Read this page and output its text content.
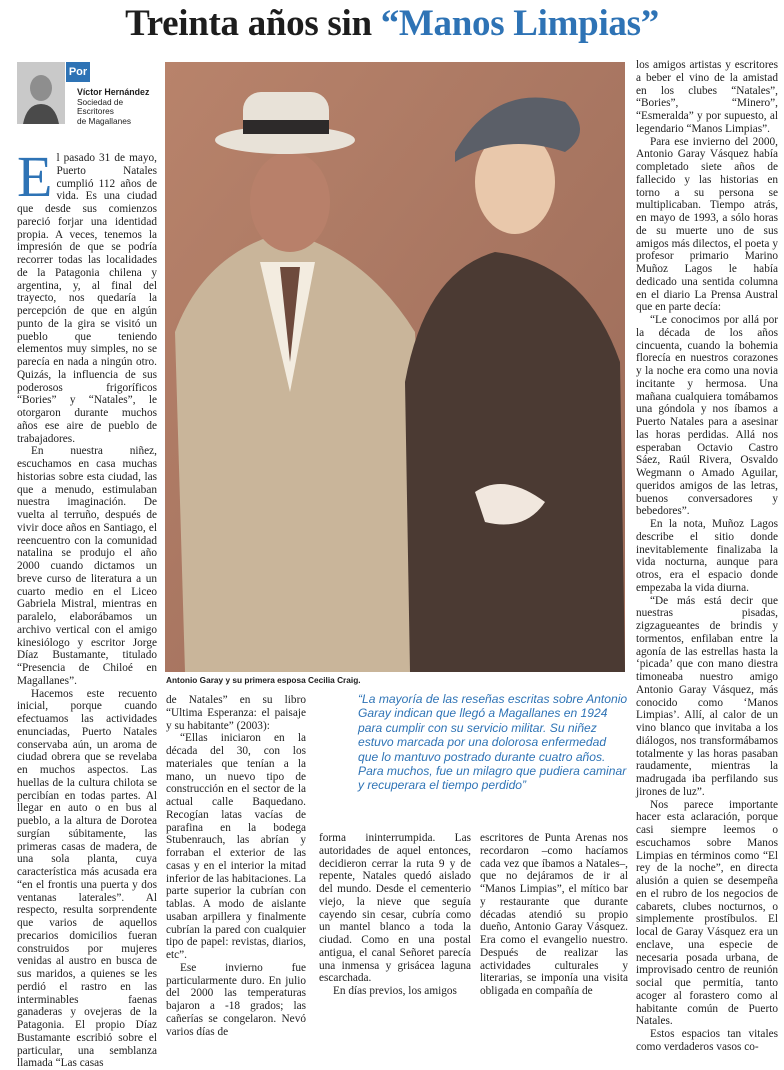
Treinta años sin “Manos Limpias”
Por
Víctor Hernández
Sociedad de
Escritores
de Magallanes
Antonio Garay y su primera esposa Cecilia Craig.
“La mayoría de las reseñas escritas sobre Antonio Garay indican que llegó a Magallanes en 1924 para cumplir con su servicio militar. Su niñez estuvo marcada por una dolorosa enfermedad que lo mantuvo postrado durante cuatro años. Para muchos, fue un milagro que pudiera caminar y recuperara el tiempo perdido”

El pasado 31 de mayo, Puerto Natales cumplió 112 años de vida. Es una ciudad que desde sus comienzos pareció forjar una identidad propia. A veces, tenemos la impresión de que se podría recorrer todas las localidades de la Patagonia chilena y argentina, y, al final del trayecto, nos quedaría la percepción de que en algún punto de la gira se visitó un pueblo que teniendo elementos muy simples, no se parecía en nada a ningún otro. Quizás, la influencia de sus poderosos frigoríficos “Bories” y “Natales”, le otorgaron durante muchos años ese aire de pueblo de trabajadores.

En nuestra niñez, escuchamos en casa muchas historias sobre esta ciudad, las que a menudo, estimulaban nuestra imaginación. De vuelta al terruño, después de vivir doce años en Santiago, el reencuentro con la comunidad natalina se produjo el año 2000 cuando dictamos un breve curso de literatura a un cuarto medio en el Liceo Gabriela Mistral, mientras en paralelo, elaborábamos un archivo vertical con el amigo kinesiólogo y escritor Jorge Díaz Bustamante, titulado “Presencia de Chiloé en Magallanes”.

Hacemos este recuento inicial, porque cuando efectuamos las actividades enunciadas, Puerto Natales conservaba aún, un aroma de ciudad obrera que se revelaba en muchos aspectos. Las huellas de la cultura chilota se percibían en todas partes. Al llegar en auto o en bus al pueblo, a la altura de Dorotea surgían súbitamente, las primeras casas de madera, de una sola planta, cuya característica más acusada era “en el frontis una puerta y dos ventanas laterales”. Al respecto, resulta sorprendente que varios de aquellos precarios domicilios fueran construidos por mujeres venidas al austro en busca de sus maridos, a quienes se les perdió el rastro en las interminables faenas ganaderas y ovejeras de la Patagonia. El propio Díaz Bustamante escribió sobre el particular, una semblanza llamada “Las casas

de Natales” en su libro “Ultima Esperanza: el paisaje y su habitante” (2003):

“Ellas iniciaron en la década del 30, con los materiales que tenían a la mano, un nuevo tipo de construcción en el sector de la actual calle Baquedano. Recogían latas vacías de parafina en la bodega Stubenrauch, las abrían y forraban el exterior de las casas y en el interior la mitad inferior de las habitaciones. La parte superior la cubrían con tablas. A modo de aislante usaban arpillera y finalmente cubrían la pared con cualquier tipo de papel: revistas, diarios, etc”.

Ese invierno fue particularmente duro. En julio del 2000 las temperaturas bajaron a -18 grados; las cañerías se congelaron. Nevó varios días de

forma ininterrumpida. Las autoridades de aquel entonces, decidieron cerrar la ruta 9 y de repente, Natales quedó aislado del mundo. Desde el cementerio viejo, la nieve que seguía cayendo sin cesar, cubría como un mantel blanco a toda la ciudad. Como en una postal antigua, el canal Señoret parecía una inmensa y grisácea laguna escarchada.

En días previos, los amigos

escritores de Punta Arenas nos recordaron –como hacíamos cada vez que íbamos a Natales–, que no dejáramos de ir al “Manos Limpias”, el mítico bar y restaurante que durante décadas atendió su propio dueño, Antonio Garay Vásquez. Era como el evangelio nuestro. Después de realizar las actividades culturales y literarias, se imponía una visita obligada en compañía de

los amigos artistas y escritores a beber el vino de la amistad en los clubes “Natales”, “Bories”, “Minero”, “Esmeralda” y por supuesto, al legendario “Manos Limpias”.

Para ese invierno del 2000, Antonio Garay Vásquez había completado siete años de fallecido y las historias en torno a su persona se multiplicaban. Tiempo atrás, en mayo de 1993, a sólo horas de su muerte uno de sus amigos más dilectos, el poeta y profesor primario Marino Muñoz Lagos le había dedicado una sentida columna en el diario La Prensa Austral que en parte decía:

“Le conocimos por allá por la década de los años cincuenta, cuando la bohemia florecía en nuestros corazones y la noche era como una novia incitante y hermosa. Una mañana cualquiera tomábamos una góndola y nos íbamos a Puerto Natales para a asesinar las horas perdidas. Allá nos esperaban Octavio Castro Sáez, Raúl Rivera, Osvaldo Wegmann o Amado Aguilar, queridos amigos de las letras, buenos conversadores y bebedores”.

En la nota, Muñoz Lagos describe el sitio donde inevitablemente finalizaba la vida nocturna, aunque para otros, era el espacio donde empezaba la vida diurna.

“De más está decir que nuestras pisadas, zigzagueantes de brindis y tormentos, enfilaban entre la agonía de las estrellas hasta la ‘picada’ que con mano diestra timoneaba nuestro amigo Antonio Garay Vásquez, más conocido como ‘Manos Limpias’. Allí, al calor de un vino blanco que invitaba a los diálogos, nos transformábamos totalmente y las horas pasaban raudamente, mientras la madrugada iba perfilando sus jirones de luz”.

Nos parece importante hacer esta aclaración, porque casi siempre leemos o escuchamos sobre Manos Limpias en términos como “El rey de la noche”, en directa alusión a quien se desempeña en el rubro de los negocios de cabarets, clubes nocturnos, o simplemente prostíbulos. El local de Garay Vásquez era un enclave, una especie de necesaria posada urbana, de improvisado centro de reunión social que permitía, tanto acoger al forastero como al habitante común de Puerto Natales.

Estos espacios tan vitales como verdaderos vasos co-
